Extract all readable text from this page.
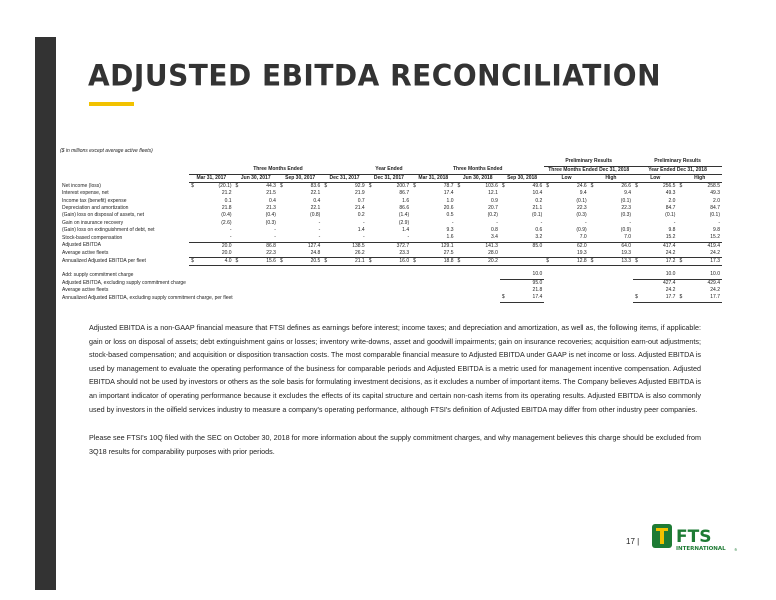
ADJUSTED EBITDA RECONCILIATION
($ in millions except average active fleets)
																	Preliminary Results				Preliminary Results			
	Three Months Ended								Year Ended		Three Months Ended						Three Months Ended Dec 31, 2018				Year Ended Dec 31, 2018			
	Mar 31, 2017		Jun 30, 2017		Sep 30, 2017		Dec 31, 2017		Dec 31, 2017		Mar 31, 2018		Jun 30, 2018		Sep 30, 2018		Low		High		Low		High	
Net income (loss)	$	(20.1)	$	44.3	$	83.6	$	92.9	$	200.7	$	78.7	$	103.6	$	49.6	$	24.6	$	26.6	$	256.5	$	258.5
Interest expense, net		21.2		21.5		22.1		21.9		86.7		17.4		12.1		10.4		9.4		9.4		49.3		49.3
Income tax (benefit) expense		0.1		0.4		0.4		0.7		1.6		1.0		0.9		0.2		(0.1)		(0.1)		2.0		2.0
Depreciation and amortization		21.8		21.3		22.1		21.4		86.6		20.6		20.7		21.1		22.3		22.3		84.7		84.7
(Gain) loss on disposal of assets, net		(0.4)		(0.4)		(0.8)		0.2		(1.4)		0.5		(0.2)		(0.1)		(0.3)		(0.3)		(0.1)		(0.1)
Gain on insurance recovery		(2.6)		(0.3)		-		-		(2.9)		-		-		-		-		-		-		-
(Gain) loss on extinguishment of debt, net		-		-		-		1.4		1.4		9.3		0.8		0.6		(0.9)		(0.9)		9.8		9.8
Stock-based compensation		-		-		-		-		-		1.6		3.4		3.2		7.0		7.0		15.2		15.2
Adjusted EBITDA		20.0		86.8		127.4		138.5		372.7		129.1		141.3		85.0		62.0		64.0		417.4		419.4
Average active fleets		20.0		22.3		24.8		26.2		23.3		27.5		28.0				19.3		19.3		24.2		24.2
Annualized Adjusted EBITDA per fleet	$	4.0	$	15.6	$	20.5	$	21.1	$	16.0	$	18.8	$	20.2			$	12.8	$	13.3	$	17.2	$	17.3

Add: supply commitment charge																10.0						10.0		10.0
Adjusted EBITDA, excluding supply commitment charge																95.0						427.4		429.4
Average active fleets																21.8						24.2		24.2
Annualized Adjusted EBITDA, excluding supply commitment charge, per fleet															$	17.4					$	17.7	$	17.7
Adjusted EBITDA is a non-GAAP financial measure that FTSI defines as earnings before interest; income taxes; and depreciation and amortization, as well as, the following items, if applicable: gain or loss on disposal of assets; debt extinguishment gains or losses; inventory write-downs, asset and goodwill impairments; gain on insurance recoveries; acquisition earn-out adjustments; stock-based compensation; and acquisition or disposition transaction costs. The most comparable financial measure to Adjusted EBITDA under GAAP is net income or loss. Adjusted EBITDA is used by management to evaluate the operating performance of the business for comparable periods and Adjusted EBITDA is a metric used for management incentive compensation. Adjusted EBITDA should not be used by investors or others as the sole basis for formulating investment decisions, as it excludes a number of important items. The Company believes Adjusted EBITDA is an important indicator of operating performance because it excludes the effects of its capital structure and certain non-cash items from its operating results. Adjusted EBITDA is also commonly used by investors in the oilfield services industry to measure a company's operating performance, although FTSI's definition of Adjusted EBITDA may differ from other industry peer companies.
Please see FTSI's 10Q filed with the SEC on October 30, 2018 for more information about the supply commitment charges, and why management believes this charge should be excluded from 3Q18 results for comparability purposes with prior periods.
17 | FTS
INTERNATIONAL ®
